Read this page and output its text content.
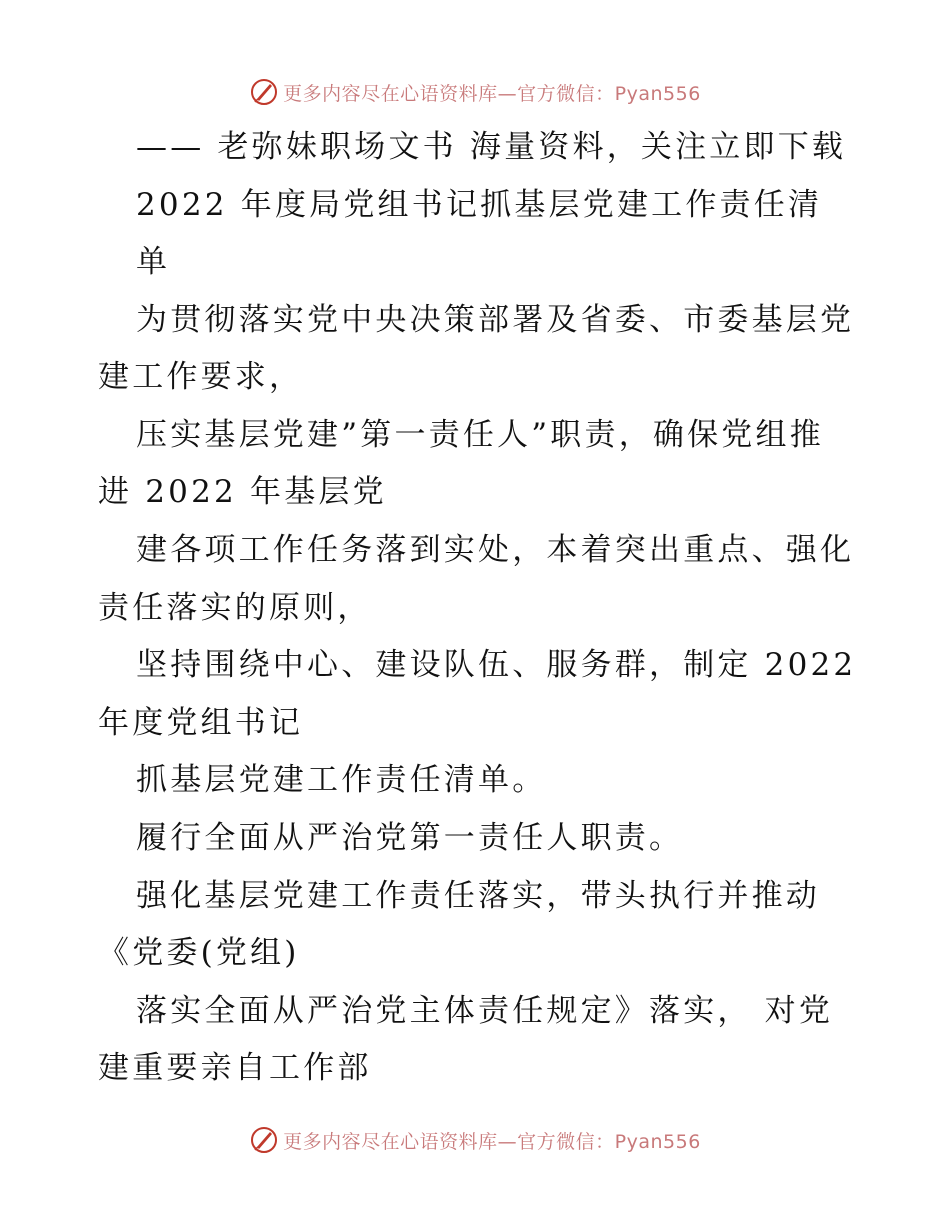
更多内容尽在心语资料库—官方微信：Pyan556
—— 老弥妹职场文书 海量资料，关注立即下载
2022 年度局党组书记抓基层党建工作责任清
单
为贯彻落实党中央决策部署及省委、市委基层党
建工作要求，
压实基层党建”第一责任人”职责，确保党组推
进 2022 年基层党
建各项工作任务落到实处，本着突出重点、强化
责任落实的原则，
坚持围绕中心、建设队伍、服务群，制定 2022
年度党组书记
抓基层党建工作责任清单。
履行全面从严治党第一责任人职责。
强化基层党建工作责任落实，带头执行并推动
《党委(党组)
落实全面从严治党主体责任规定》落实， 对党
建重要亲自工作部
更多内容尽在心语资料库—官方微信：Pyan556
